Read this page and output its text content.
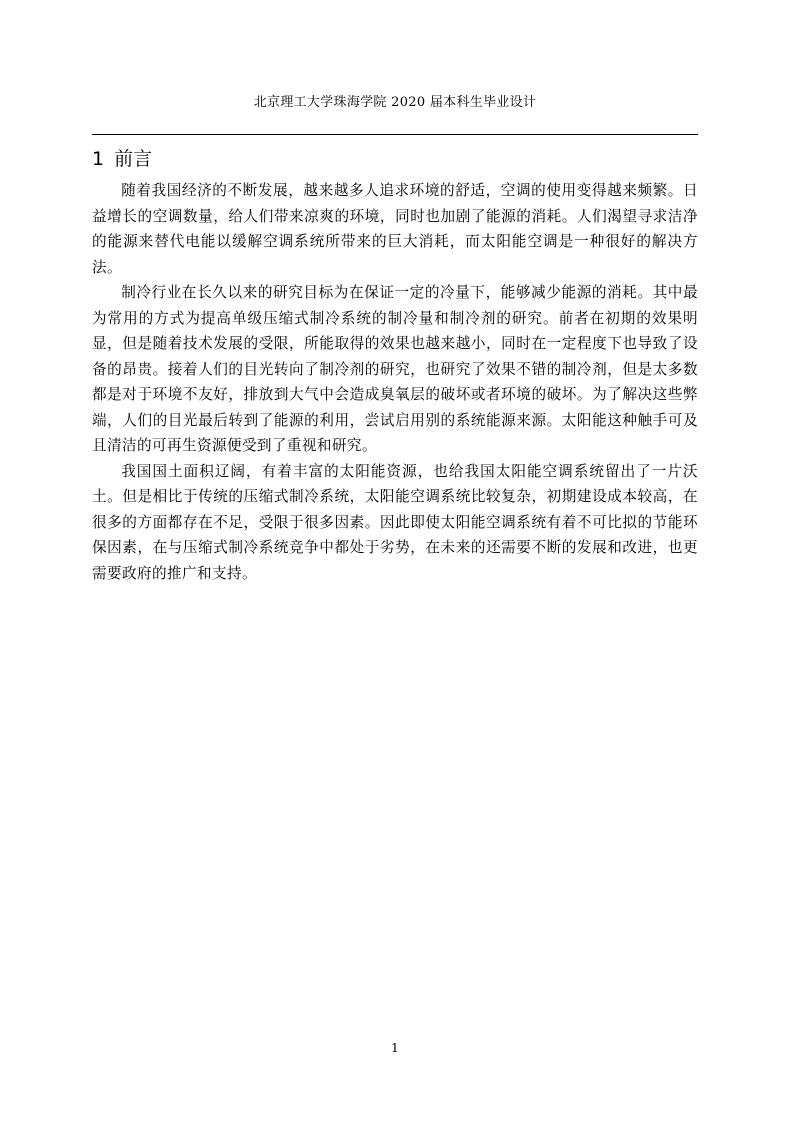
北京理工大学珠海学院 2020 届本科生毕业设计
1 前言

随着我国经济的不断发展，越来越多人追求环境的舒适，空调的使用变得越来频繁。日益增长的空调数量，给人们带来凉爽的环境，同时也加剧了能源的消耗。人们渴望寻求洁净的能源来替代电能以缓解空调系统所带来的巨大消耗，而太阳能空调是一种很好的解决方法。

制冷行业在长久以来的研究目标为在保证一定的冷量下，能够减少能源的消耗。其中最为常用的方式为提高单级压缩式制冷系统的制冷量和制冷剂的研究。前者在初期的效果明显，但是随着技术发展的受限，所能取得的效果也越来越小，同时在一定程度下也导致了设备的昂贵。接着人们的目光转向了制冷剂的研究，也研究了效果不错的制冷剂，但是太多数都是对于环境不友好，排放到大气中会造成臭氧层的破坏或者环境的破坏。为了解决这些弊端，人们的目光最后转到了能源的利用，尝试启用别的系统能源来源。太阳能这种触手可及且清洁的可再生资源便受到了重视和研究。

我国国土面积辽阔，有着丰富的太阳能资源，也给我国太阳能空调系统留出了一片沃土。但是相比于传统的压缩式制冷系统，太阳能空调系统比较复杂，初期建设成本较高，在很多的方面都存在不足，受限于很多因素。因此即使太阳能空调系统有着不可比拟的节能环保因素，在与压缩式制冷系统竞争中都处于劣势，在未来的还需要不断的发展和改进，也更需要政府的推广和支持。

1
